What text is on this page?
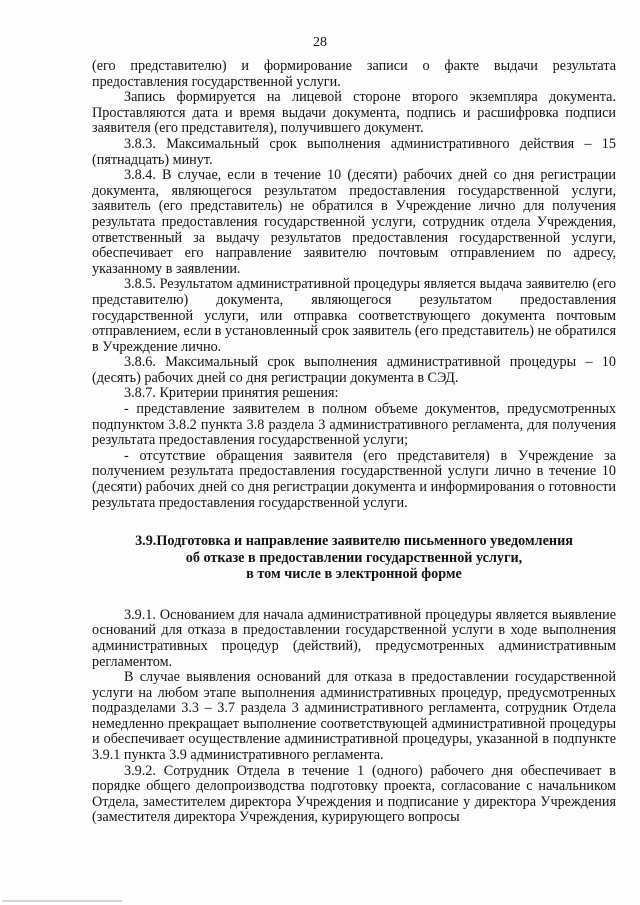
28

(его представителю) и формирование записи о факте выдачи результата предоставления государственной услуги.

Запись формируется на лицевой стороне второго экземпляра документа. Проставляются дата и время выдачи документа, подпись и расшифровка подписи заявителя (его представителя), получившего документ.

3.8.3. Максимальный срок выполнения административного действия – 15 (пятнадцать) минут.

3.8.4. В случае, если в течение 10 (десяти) рабочих дней со дня регистрации документа, являющегося результатом предоставления государственной услуги, заявитель (его представитель) не обратился в Учреждение лично для получения результата предоставления государственной услуги, сотрудник отдела Учреждения, ответственный за выдачу результатов предоставления государственной услуги, обеспечивает его направление заявителю почтовым отправлением по адресу, указанному в заявлении.

3.8.5. Результатом административной процедуры является выдача заявителю (его представителю) документа, являющегося результатом предоставления государственной услуги, или отправка соответствующего документа почтовым отправлением, если в установленный срок заявитель (его представитель) не обратился в Учреждение лично.

3.8.6. Максимальный срок выполнения административной процедуры – 10 (десять) рабочих дней со дня регистрации документа в СЭД.

3.8.7. Критерии принятия решения:

- представление заявителем в полном объеме документов, предусмотренных подпунктом 3.8.2 пункта 3.8 раздела 3 административного регламента, для получения результата предоставления государственной услуги;

- отсутствие обращения заявителя (его представителя) в Учреждение за получением результата предоставления государственной услуги лично в течение 10 (десяти) рабочих дней со дня регистрации документа и информирования о готовности результата предоставления государственной услуги.

3.9.Подготовка и направление заявителю письменного уведомления
об отказе в предоставлении государственной услуги,
в том числе в электронной форме

3.9.1. Основанием для начала административной процедуры является выявление оснований для отказа в предоставлении государственной услуги в ходе выполнения административных процедур (действий), предусмотренных административным регламентом.

В случае выявления оснований для отказа в предоставлении государственной услуги на любом этапе выполнения административных процедур, предусмотренных подразделами 3.3 – 3.7 раздела 3 административного регламента, сотрудник Отдела немедленно прекращает выполнение соответствующей административной процедуры и обеспечивает осуществление административной процедуры, указанной в подпункте 3.9.1 пункта 3.9 административного регламента.

3.9.2. Сотрудник Отдела в течение 1 (одного) рабочего дня обеспечивает в порядке общего делопроизводства подготовку проекта, согласование с начальником Отдела, заместителем директора Учреждения и подписание у директора Учреждения (заместителя директора Учреждения, курирующего вопросы
